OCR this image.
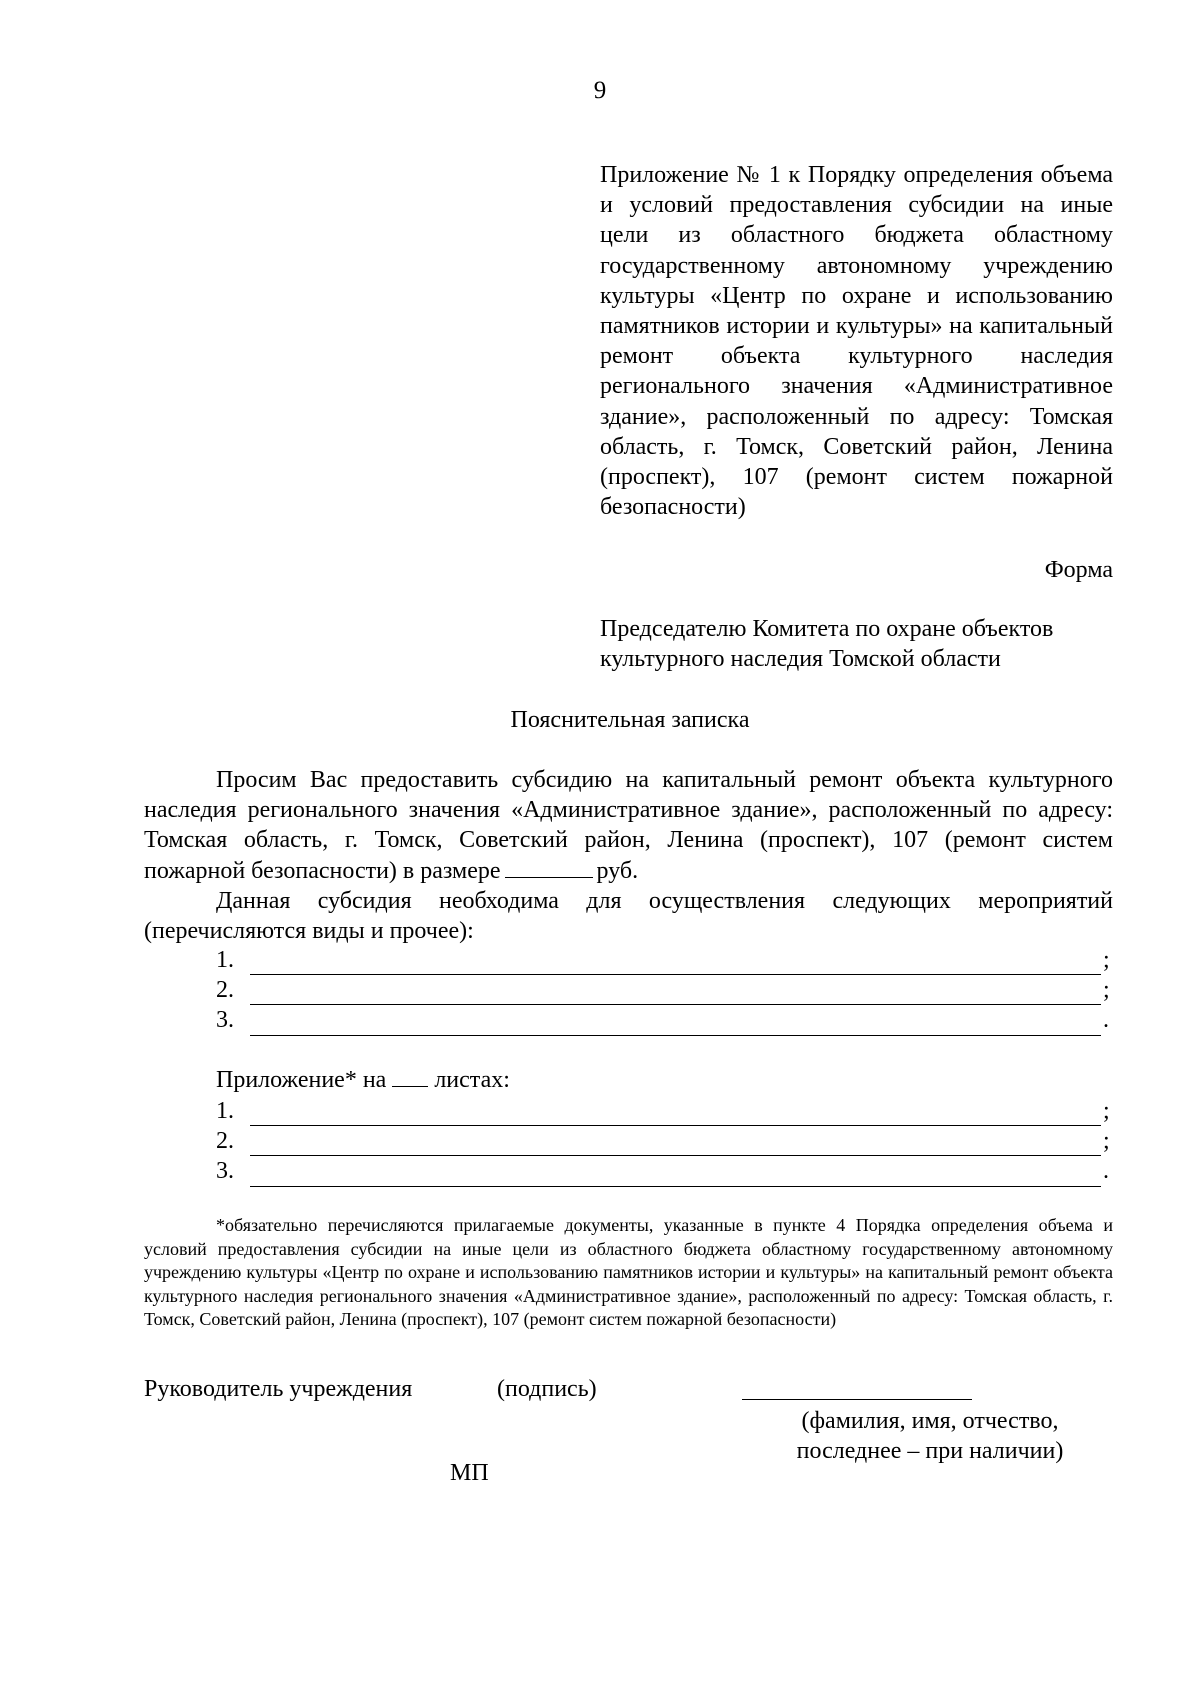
9
Приложение № 1 к Порядку определения объема и условий предоставления субсидии на иные цели из областного бюджета областному государственному автономному учреждению культуры «Центр по охране и использованию памятников истории и культуры» на капитальный ремонт объекта культурного наследия регионального значения «Административное здание», расположенный по адресу: Томская область, г. Томск, Советский район, Ленина (проспект), 107 (ремонт систем пожарной безопасности)
Форма
Председателю Комитета по охране объектов
культурного наследия Томской области
Пояснительная записка

Просим Вас предоставить субсидию на капитальный ремонт объекта культурного наследия регионального значения «Административное здание», расположенный по адресу: Томская область, г. Томск, Советский район, Ленина (проспект), 107 (ремонт систем пожарной безопасности) в размере	руб.

Данная субсидия необходима для осуществления следующих мероприятий (перечисляются виды и прочее):

1.	;
2.	;
3.	.
Приложение* на листах:
1.	;
2.	;
3.	.

*обязательно перечисляются прилагаемые документы, указанные в пункте 4 Порядка определения объема и условий предоставления субсидии на иные цели из областного бюджета областному государственному автономному учреждению культуры «Центр по охране и использованию памятников истории и культуры» на капитальный ремонт объекта культурного наследия регионального значения «Административное здание», расположенный по адресу: Томская область, г. Томск, Советский район, Ленина (проспект), 107 (ремонт систем пожарной безопасности)

Руководитель учреждения	(подпись)
(фамилия, имя, отчество,
последнее – при наличии)
МП
